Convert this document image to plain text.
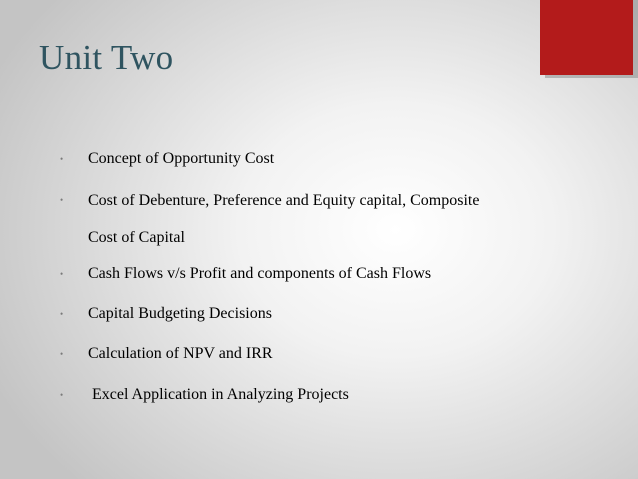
Unit Two
•	Concept of Opportunity Cost
•	Cost of Debenture, Preference and Equity capital, Composite
Cost of Capital
•	Cash Flows v/s Profit and components of Cash Flows
•	Capital Budgeting Decisions
•	Calculation of NPV and IRR
•	Excel Application in Analyzing Projects
